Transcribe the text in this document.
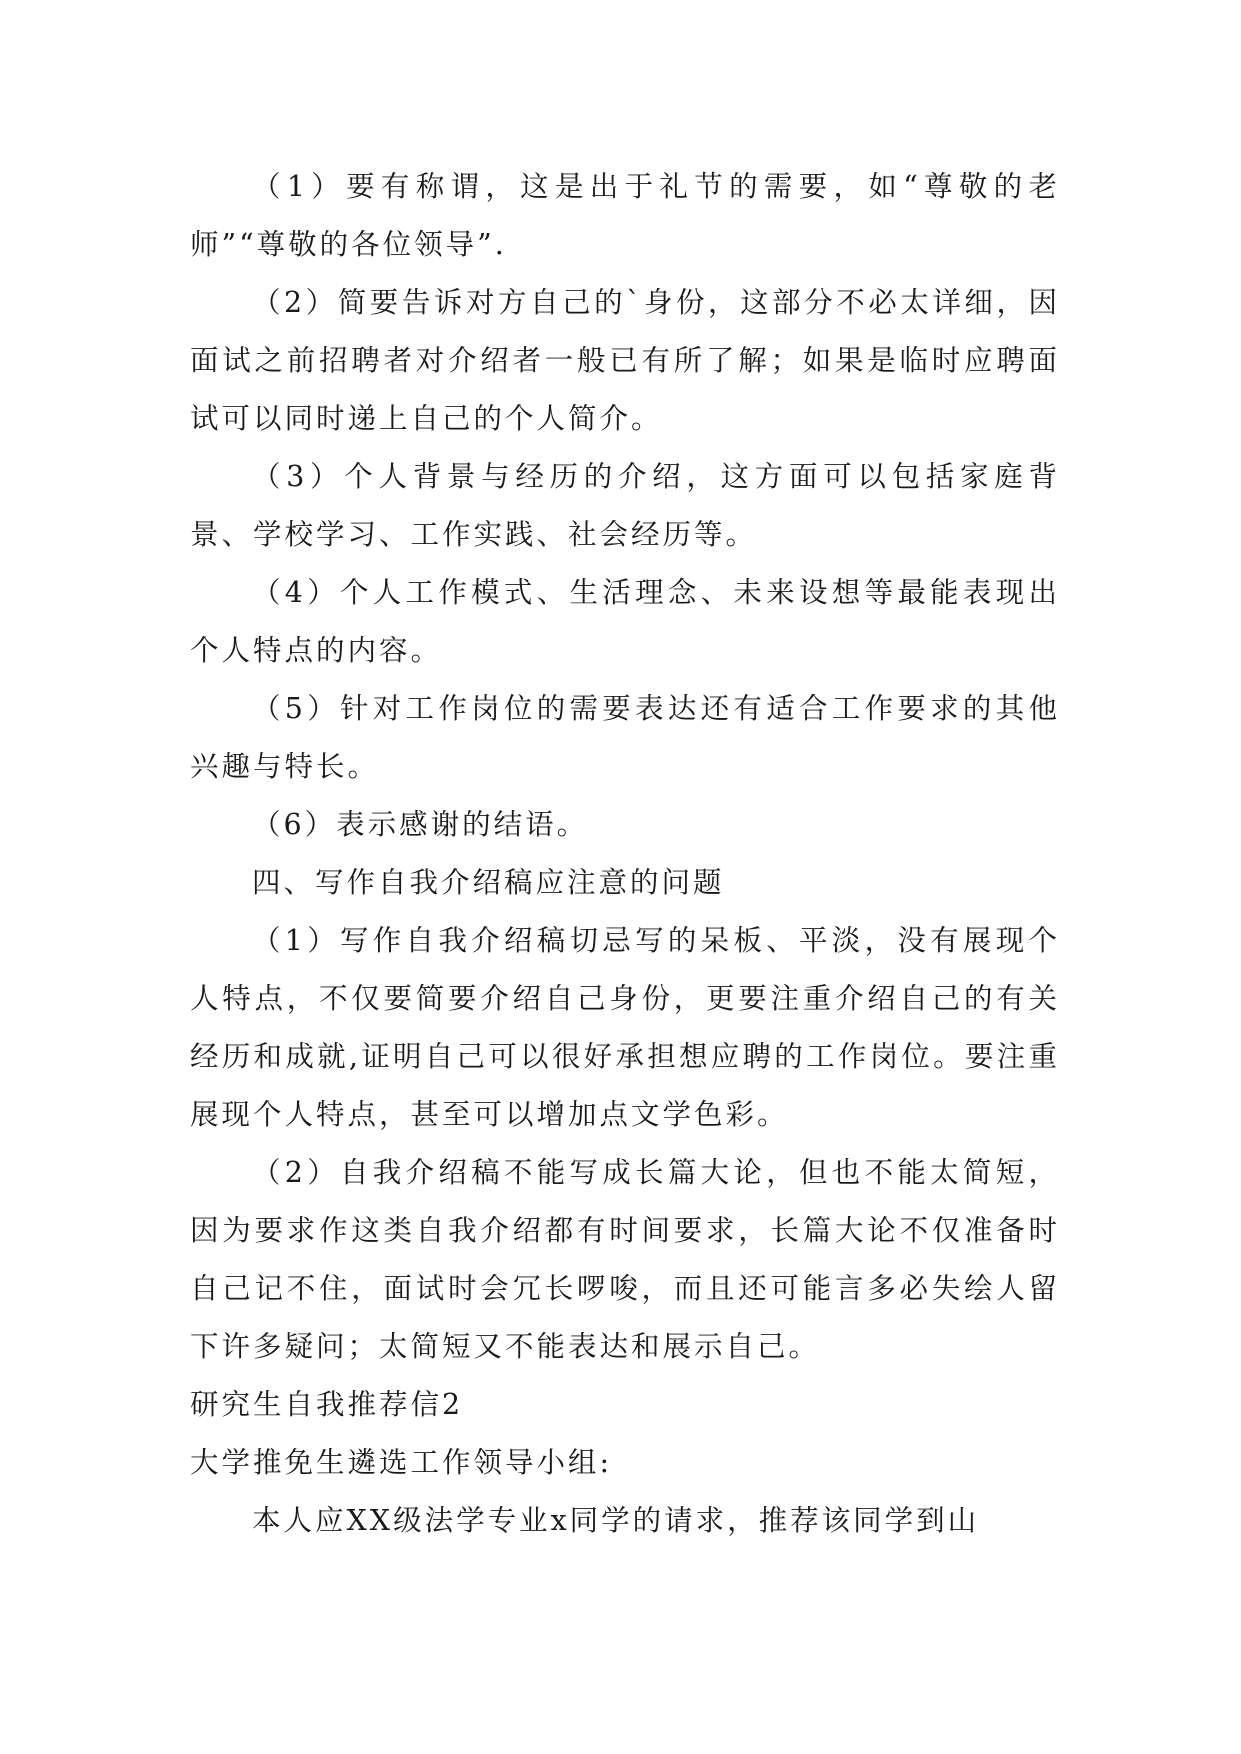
（1）要有称谓，这是出于礼节的需要，如“尊敬的老师”“尊敬的各位领导”.

（2）简要告诉对方自己的`身份，这部分不必太详细，因面试之前招聘者对介绍者一般已有所了解；如果是临时应聘面试可以同时递上自己的个人简介。

（3）个人背景与经历的介绍，这方面可以包括家庭背景、学校学习、工作实践、社会经历等。

（4）个人工作模式、生活理念、未来设想等最能表现出个人特点的内容。

（5）针对工作岗位的需要表达还有适合工作要求的其他兴趣与特长。

（6）表示感谢的结语。

四、写作自我介绍稿应注意的问题

（1）写作自我介绍稿切忌写的呆板、平淡，没有展现个人特点，不仅要简要介绍自己身份，更要注重介绍自己的有关经历和成就,证明自己可以很好承担想应聘的工作岗位。要注重展现个人特点，甚至可以增加点文学色彩。

（2）自我介绍稿不能写成长篇大论，但也不能太简短，因为要求作这类自我介绍都有时间要求，长篇大论不仅准备时自己记不住，面试时会冗长啰唆，而且还可能言多必失绘人留下许多疑问；太简短又不能表达和展示自己。

研究生自我推荐信2

大学推免生遴选工作领导小组:

本人应XX级法学专业x同学的请求，推荐该同学到山
